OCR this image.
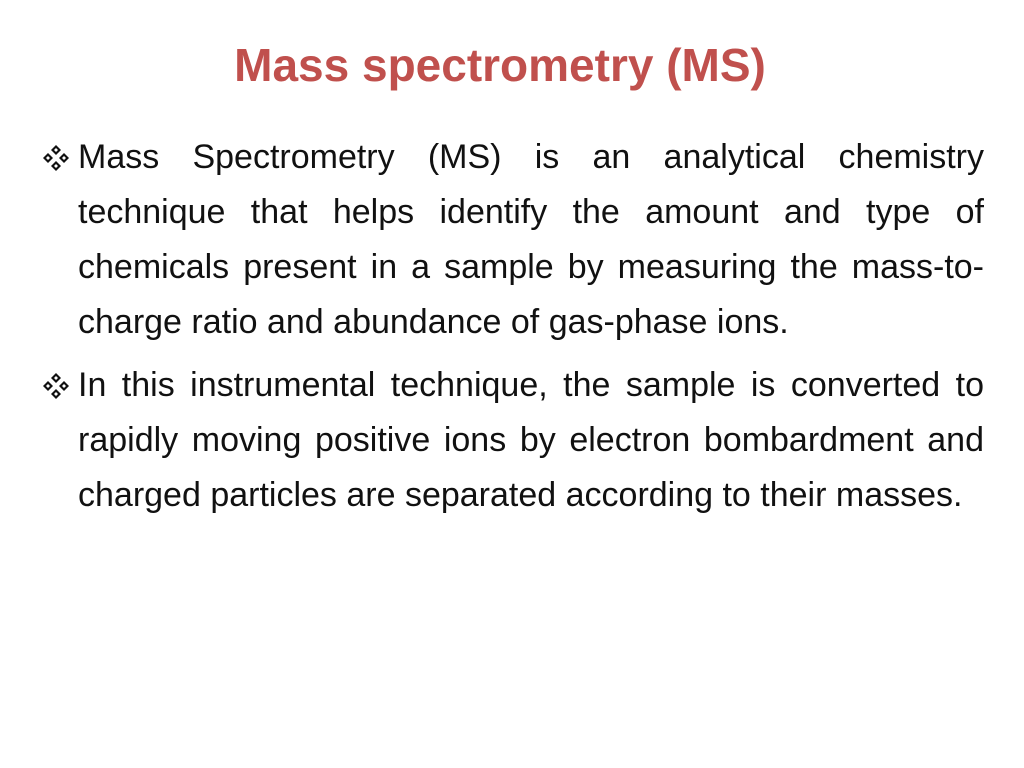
Mass spectrometry (MS)

Mass Spectrometry (MS) is an analytical chemistry technique that helps identify the amount and type of chemicals present in a sample by measuring the mass-to-charge ratio and abundance of gas-phase ions.

In this instrumental technique, the sample is converted to rapidly moving positive ions by electron bombardment and charged particles are separated according to their masses.
